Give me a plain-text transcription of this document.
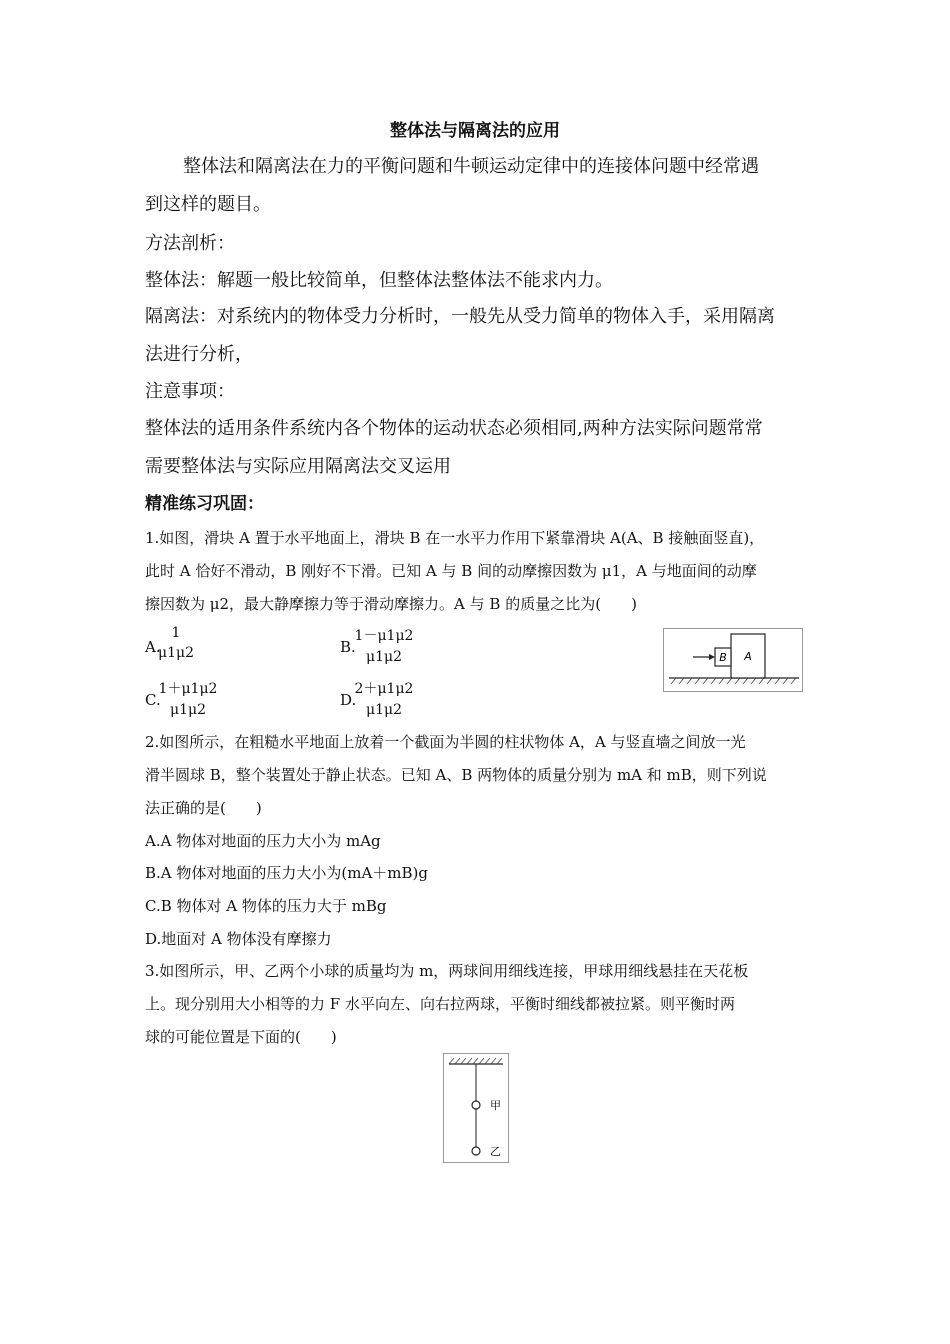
整体法与隔离法的应用
整体法和隔离法在力的平衡问题和牛顿运动定律中的连接体问题中经常遇
到这样的题目。
方法剖析：
整体法：解题一般比较简单，但整体法整体法不能求内力。
隔离法：对系统内的物体受力分析时，一般先从受力简单的物体入手，采用隔离
法进行分析，
注意事项：
整体法的适用条件系统内各个物体的运动状态必须相同,两种方法实际问题常常
需要整体法与实际应用隔离法交叉运用
精准练习巩固：
1.如图，滑块 A 置于水平地面上，滑块 B 在一水平力作用下紧靠滑块 A(A、B 接触面竖直)，
此时 A 恰好不滑动，B 刚好不下滑。已知 A 与 B 间的动摩擦因数为 μ1，A 与地面间的动摩
擦因数为 μ2，最大静摩擦力等于滑动摩擦力。A 与 B 的质量之比为(　　)
A.
1
μ1μ2	B.
1－μ1μ2
μ1μ2
C.
1＋μ1μ2
μ1μ2
D.
2＋μ1μ2
μ1μ2
B A
2.如图所示，在粗糙水平地面上放着一个截面为半圆的柱状物体 A，A 与竖直墙之间放一光
滑半圆球 B，整个装置处于静止状态。已知 A、B 两物体的质量分别为 mA 和 mB，则下列说
法正确的是(　　)
A.A 物体对地面的压力大小为 mAg
B.A 物体对地面的压力大小为(mA＋mB)g
C.B 物体对 A 物体的压力大于 mBg
D.地面对 A 物体没有摩擦力
3.如图所示，甲、乙两个小球的质量均为 m，两球间用细线连接，甲球用细线悬挂在天花板
上。现分别用大小相等的力 F 水平向左、向右拉两球，平衡时细线都被拉紧。则平衡时两
球的可能位置是下面的(　　)
甲
乙
